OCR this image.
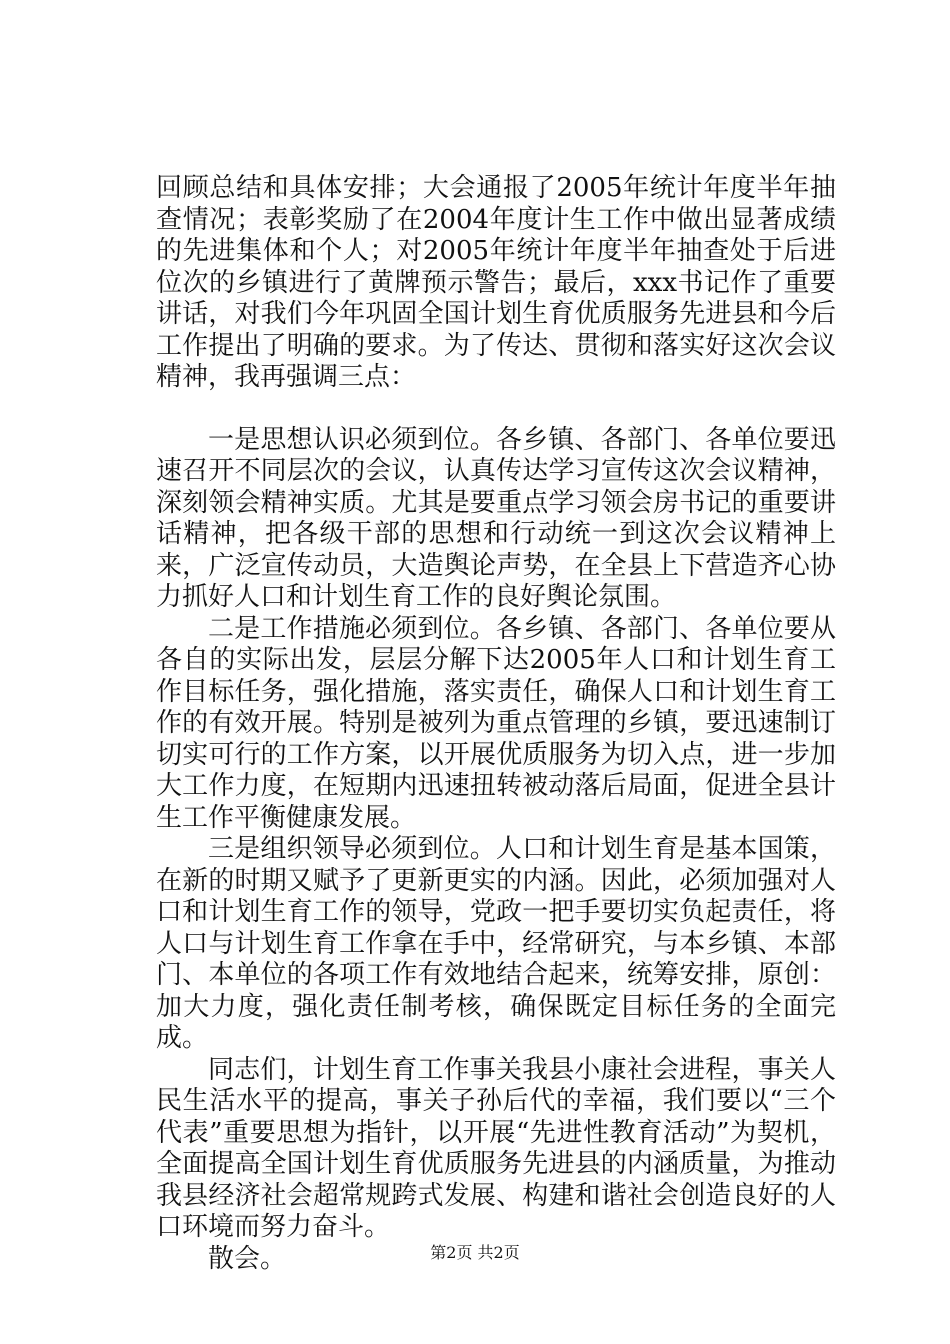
回顾总结和具体安排；大会通报了2005年统计年度半年抽查情况；表彰奖励了在2004年度计生工作中做出显著成绩的先进集体和个人；对2005年统计年度半年抽查处于后进位次的乡镇进行了黄牌预示警告；最后，xxx书记作了重要讲话，对我们今年巩固全国计划生育优质服务先进县和今后工作提出了明确的要求。为了传达、贯彻和落实好这次会议精神，我再强调三点：

一是思想认识必须到位。各乡镇、各部门、各单位要迅速召开不同层次的会议，认真传达学习宣传这次会议精神，深刻领会精神实质。尤其是要重点学习领会房书记的重要讲话精神，把各级干部的思想和行动统一到这次会议精神上来，广泛宣传动员，大造舆论声势，在全县上下营造齐心协力抓好人口和计划生育工作的良好舆论氛围。

二是工作措施必须到位。各乡镇、各部门、各单位要从各自的实际出发，层层分解下达2005年人口和计划生育工作目标任务，强化措施，落实责任，确保人口和计划生育工作的有效开展。特别是被列为重点管理的乡镇，要迅速制订切实可行的工作方案，以开展优质服务为切入点，进一步加大工作力度，在短期内迅速扭转被动落后局面，促进全县计生工作平衡健康发展。

三是组织领导必须到位。人口和计划生育是基本国策，在新的时期又赋予了更新更实的内涵。因此，必须加强对人口和计划生育工作的领导，党政一把手要切实负起责任，将人口与计划生育工作拿在手中，经常研究，与本乡镇、本部门、本单位的各项工作有效地结合起来，统筹安排，原创：加大力度，强化责任制考核，确保既定目标任务的全面完成。

同志们，计划生育工作事关我县小康社会进程，事关人民生活水平的提高，事关子孙后代的幸福，我们要以“三个代表”重要思想为指针，以开展“先进性教育活动”为契机，全面提高全国计划生育优质服务先进县的内涵质量，为推动我县经济社会超常规跨式发展、构建和谐社会创造良好的人口环境而努力奋斗。

散会。	第2页 共2页
